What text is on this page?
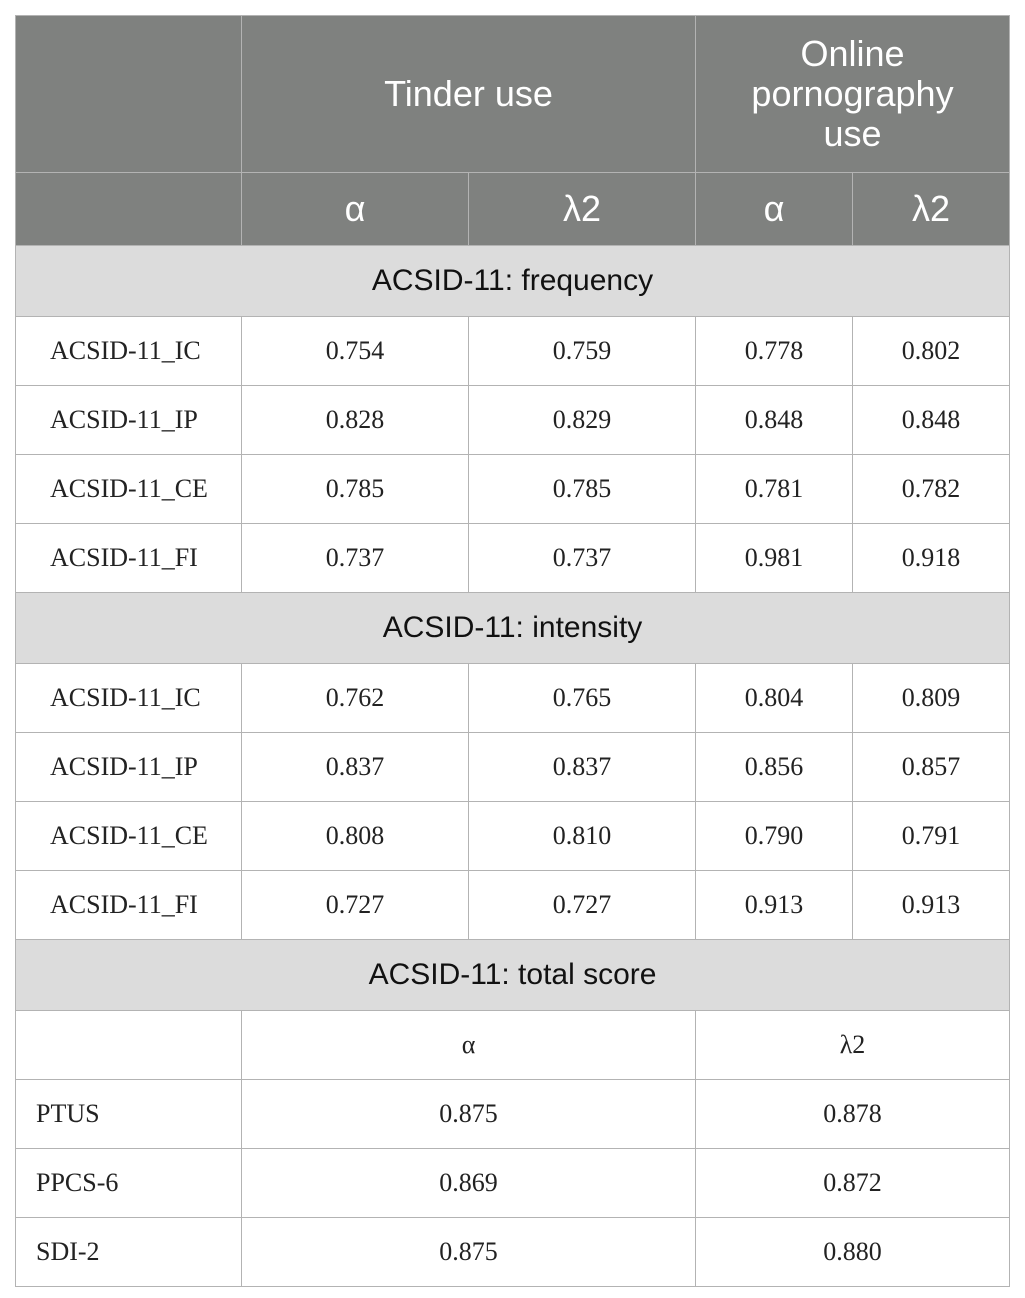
	Tinder use		Online pornography use	
	α	λ2	α	λ2
ACSID-11: frequency				
ACSID-11_IC	0.754	0.759	0.778	0.802
ACSID-11_IP	0.828	0.829	0.848	0.848
ACSID-11_CE	0.785	0.785	0.781	0.782
ACSID-11_FI	0.737	0.737	0.981	0.918
ACSID-11: intensity				
ACSID-11_IC	0.762	0.765	0.804	0.809
ACSID-11_IP	0.837	0.837	0.856	0.857
ACSID-11_CE	0.808	0.810	0.790	0.791
ACSID-11_FI	0.727	0.727	0.913	0.913
ACSID-11: total score				
	α		λ2	
PTUS	0.875		0.878	
PPCS-6	0.869		0.872	
SDI-2	0.875		0.880	
